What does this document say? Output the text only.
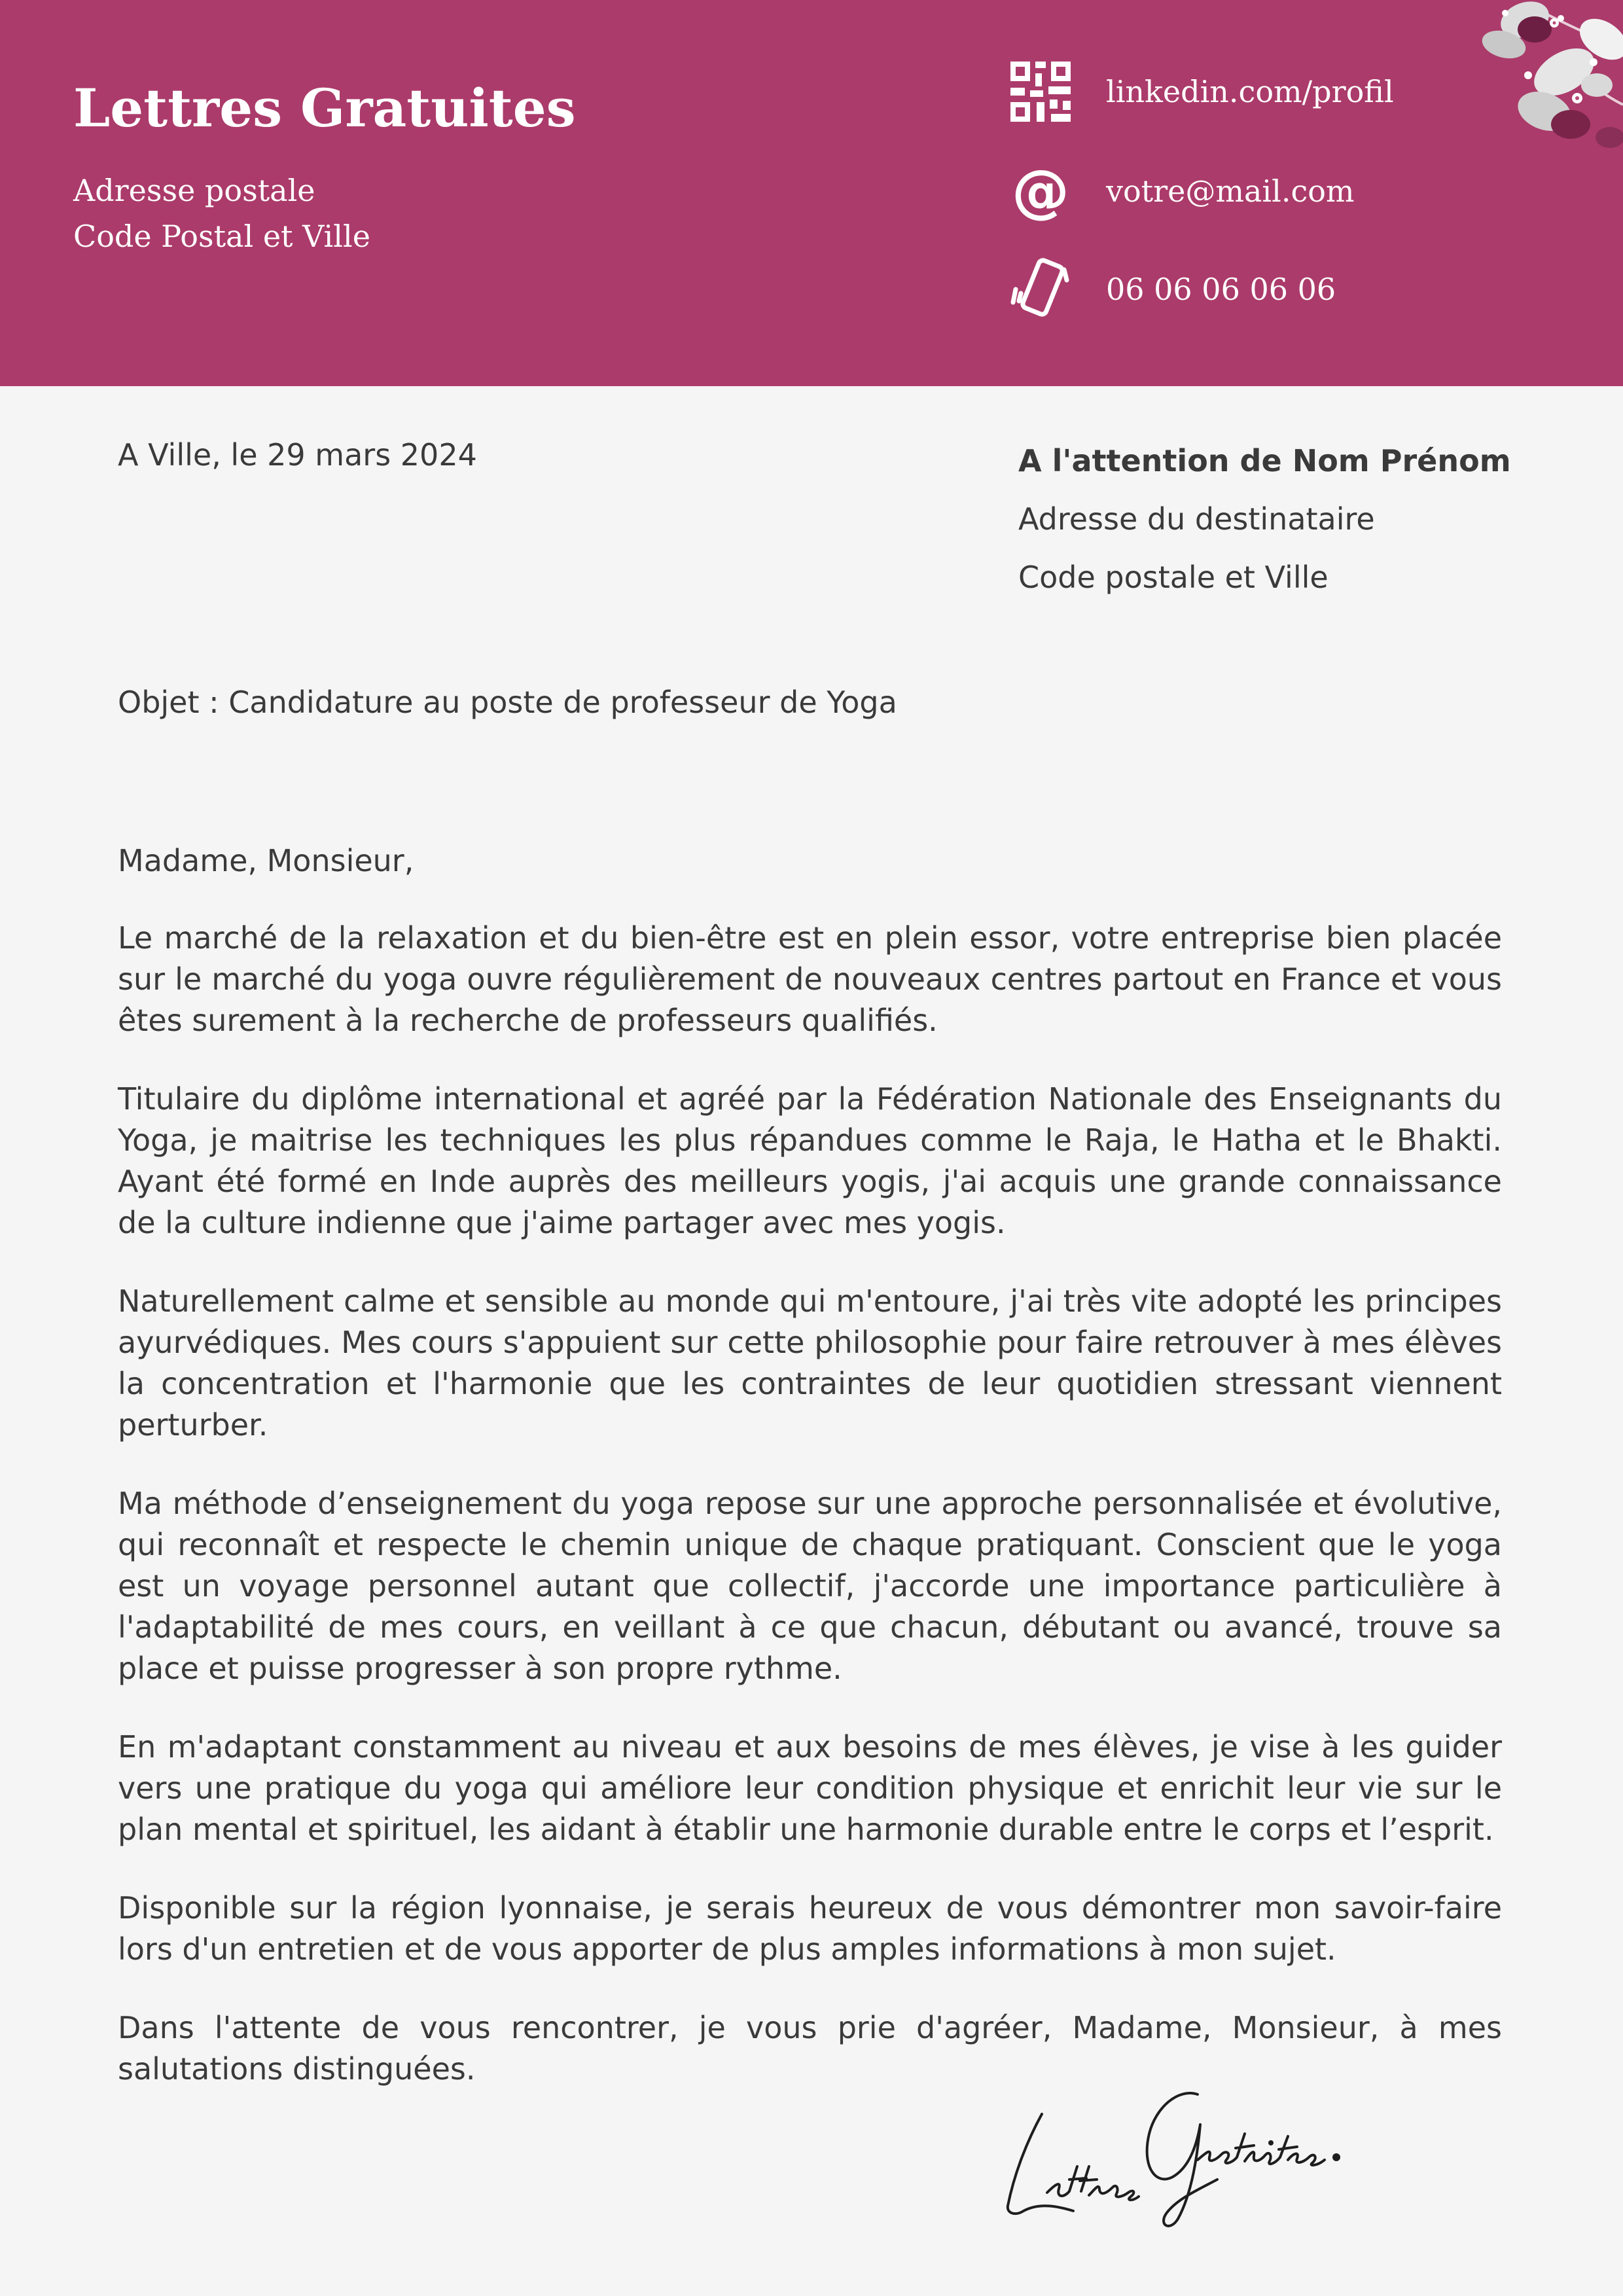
Lettres Gratuites
Adresse postale
Code Postal et Ville
linkedin.com/profil
@ votre@mail.com
06 06 06 06 06
A Ville, le 29 mars 2024	A l'attention de Nom Prénom
Adresse du destinataire
Code postale et Ville
Objet : Candidature au poste de professeur de Yoga

Madame, Monsieur,

Le marché de la relaxation et du bien-être est en plein essor, votre entreprise bien placée sur le marché du yoga ouvre régulièrement de nouveaux centres partout en France et vous êtes surement à la recherche de professeurs qualifiés.

Titulaire du diplôme international et agréé par la Fédération Nationale des Enseignants du Yoga, je maitrise les techniques les plus répandues comme le Raja, le Hatha et le Bhakti. Ayant été formé en Inde auprès des meilleurs yogis, j'ai acquis une grande connaissance de la culture indienne que j'aime partager avec mes yogis.

Naturellement calme et sensible au monde qui m'entoure, j'ai très vite adopté les principes ayurvédiques. Mes cours s'appuient sur cette philosophie pour faire retrouver à mes élèves la concentration et l'harmonie que les contraintes de leur quotidien stressant viennent perturber.

Ma méthode d’enseignement du yoga repose sur une approche personnalisée et évolutive, qui reconnaît et respecte le chemin unique de chaque pratiquant. Conscient que le yoga est un voyage personnel autant que collectif, j'accorde une importance particulière à l'adaptabilité de mes cours, en veillant à ce que chacun, débutant ou avancé, trouve sa place et puisse progresser à son propre rythme.

En m'adaptant constamment au niveau et aux besoins de mes élèves, je vise à les guider vers une pratique du yoga qui améliore leur condition physique et enrichit leur vie sur le plan mental et spirituel, les aidant à établir une harmonie durable entre le corps et l’esprit.

Disponible sur la région lyonnaise, je serais heureux de vous démontrer mon savoir-faire lors d'un entretien et de vous apporter de plus amples informations à mon sujet.

Dans l'attente de vous rencontrer, je vous prie d'agréer, Madame, Monsieur, à mes salutations distinguées.
